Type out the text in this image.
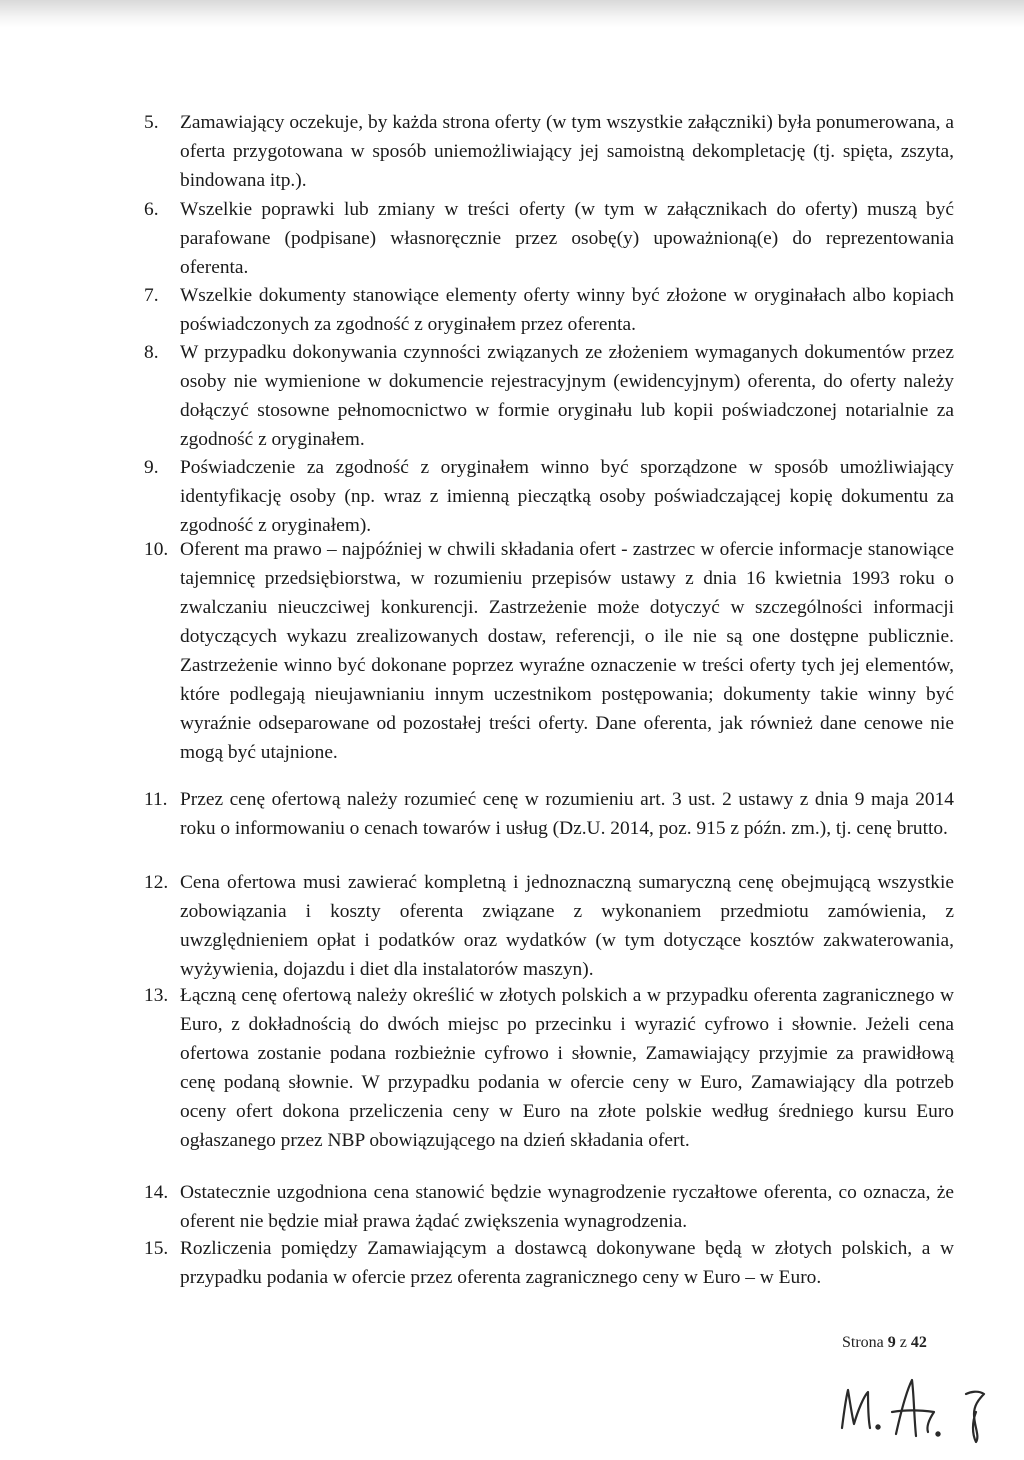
5.	Zamawiający oczekuje, by każda strona oferty (w tym wszystkie załączniki) była ponumerowana, a oferta przygotowana w sposób uniemożliwiający jej samoistną dekompletację (tj. spięta, zszyta, bindowana itp.).
6.	Wszelkie poprawki lub zmiany w treści oferty (w tym w załącznikach do oferty) muszą być parafowane (podpisane) własnoręcznie przez osobę(y) upoważnioną(e) do reprezentowania oferenta.
7.	Wszelkie dokumenty stanowiące elementy oferty winny być złożone w oryginałach albo kopiach poświadczonych za zgodność z oryginałem przez oferenta.
8.	W przypadku dokonywania czynności związanych ze złożeniem wymaganych dokumentów przez osoby nie wymienione w dokumencie rejestracyjnym (ewidencyjnym) oferenta, do oferty należy dołączyć stosowne pełnomocnictwo w formie oryginału lub kopii poświadczonej notarialnie za zgodność z oryginałem.
9.	Poświadczenie za zgodność z oryginałem winno być sporządzone w sposób umożliwiający identyfikację osoby (np. wraz z imienną pieczątką osoby poświadczającej kopię dokumentu za zgodność z oryginałem).
10. Oferent ma prawo – najpóźniej w chwili składania ofert - zastrzec w ofercie informacje stanowiące tajemnicę przedsiębiorstwa, w rozumieniu przepisów ustawy z dnia 16 kwietnia 1993 roku o zwalczaniu nieuczciwej konkurencji. Zastrzeżenie może dotyczyć w szczególności informacji dotyczących wykazu zrealizowanych dostaw, referencji, o ile nie są one dostępne publicznie. Zastrzeżenie winno być dokonane poprzez wyraźne oznaczenie w treści oferty tych jej elementów, które podlegają nieujawnianiu innym uczestnikom postępowania; dokumenty takie winny być wyraźnie odseparowane od pozostałej treści oferty. Dane oferenta, jak również dane cenowe nie mogą być utajnione.
11. Przez cenę ofertową należy rozumieć cenę w rozumieniu art. 3 ust. 2 ustawy z dnia 9 maja 2014 roku o informowaniu o cenach towarów i usług (Dz.U. 2014, poz. 915 z późn. zm.), tj. cenę brutto.
12. Cena ofertowa musi zawierać kompletną i jednoznaczną sumaryczną cenę obejmującą wszystkie zobowiązania i koszty oferenta związane z wykonaniem przedmiotu zamówienia, z uwzględnieniem opłat i podatków oraz wydatków (w tym dotyczące kosztów zakwaterowania, wyżywienia, dojazdu i diet dla instalatorów maszyn).
13. Łączną cenę ofertową należy określić w złotych polskich a w przypadku oferenta zagranicznego w Euro, z dokładnością do dwóch miejsc po przecinku i wyrazić cyfrowo i słownie. Jeżeli cena ofertowa zostanie podana rozbieżnie cyfrowo i słownie, Zamawiający przyjmie za prawidłową cenę podaną słownie. W przypadku podania w ofercie ceny w Euro, Zamawiający dla potrzeb oceny ofert dokona przeliczenia ceny w Euro na złote polskie według średniego kursu Euro ogłaszanego przez NBP obowiązującego na dzień składania ofert.
14. Ostatecznie uzgodniona cena stanowić będzie wynagrodzenie ryczałtowe oferenta, co oznacza, że oferent nie będzie miał prawa żądać zwiększenia wynagrodzenia.
15. Rozliczenia pomiędzy Zamawiającym a dostawcą dokonywane będą w złotych polskich, a w przypadku podania w ofercie przez oferenta zagranicznego ceny w Euro – w Euro.
Strona 9 z 42
